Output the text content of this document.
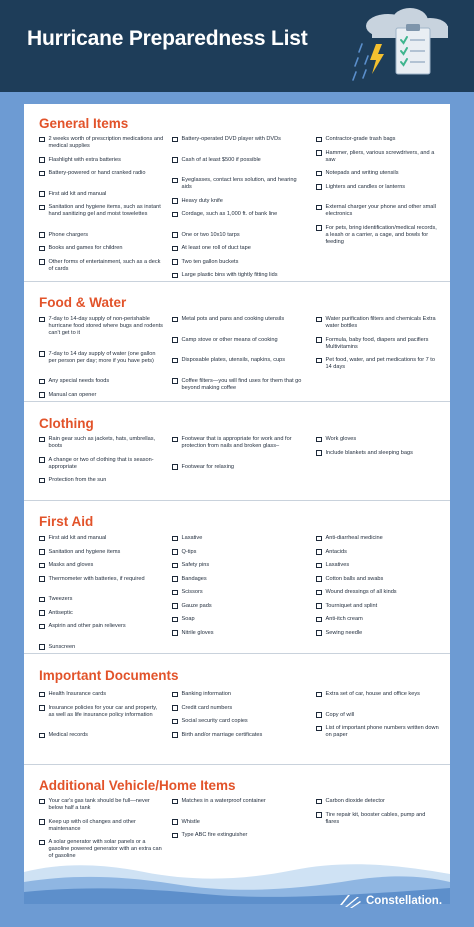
Hurricane Preparedness List
General Items
2 weeks worth of prescription medications and medical supplies
Flashlight with extra batteries
Battery-powered or hand cranked radio
First aid kit and manual
Sanitation and hygiene items, such as instant hand sanitizing gel and moist towelettes
Phone chargers
Books and games for children
Other forms of entertainment, such as a deck of cards
Battery-operated DVD player with DVDs
Cash of at least $500 if possible
Eyeglasses, contact lens solution, and hearing aids
Heavy duty knife
Cordage, such as 1,000 ft. of bank line
One or two 10x10 tarps
At least one roll of duct tape
Two ten gallon buckets
Large plastic bins with tightly fitting lids
Contractor-grade trash bags
Hammer, pliers, various screwdrivers, and a saw
Notepads and writing utensils
Lighters and candles or lanterns
External charger your phone and other small electronics
For pets, bring identification/medical records, a leash or a carrier, a cage, and bowls for feeding
Food & Water
7-day to 14-day supply of non-perishable hurricane food stored where bugs and rodents can't get to it
7-day to 14 day supply of water (one gallon per person per day; more if you have pets)
Any special needs foods
Manual can opener
Metal pots and pans and cooking utensils
Camp stove or other means of cooking
Disposable plates, utensils, napkins, cups
Coffee filters—you will find uses for them that go beyond making coffee
Water purification filters and chemicals Extra water bottles
Formula, baby food, diapers and pacifiers Multivitamins
Pet food, water, and pet medications for 7 to 14 days
Clothing
Rain gear such as jackets, hats, umbrellas, boots
A change or two of clothing that is season-appropriate
Protection from the sun
Footwear that is appropriate for work and for protection from nails and broken glass–
Footwear for relaxing
Work gloves
Include blankets and sleeping bags
First Aid
First aid kit and manual
Sanitation and hygiene items
Masks and gloves
Thermometer with batteries, if required
Tweezers
Antiseptic
Aspirin and other pain relievers
Sunscreen
Laxative
Q-tips
Safety pins
Bandages
Scissors
Gauze pads
Soap
Nitrile gloves
Anti-diarrheal medicine
Antacids
Laxatives
Cotton balls and swabs
Wound dressings of all kinds
Tourniquet and splint
Anti-itch cream
Sewing needle
Important Documents
Health Insurance cards
Insurance policies for your car and property, as well as life insurance policy information
Medical records
Banking information
Credit card numbers
Social security card copies
Birth and/or marriage certificates
Extra set of car, house and office keys
Copy of will
List of important phone numbers written down on paper
Additional Vehicle/Home Items
Your car's gas tank should be full—never below half a tank
Keep up with oil changes and other maintenance
A solar generator with solar panels or a gasoline powered generator with an extra can of gasoline
Matches in a waterproof container
Whistle
Type ABC fire extinguisher
Carbon dioxide detector
Tire repair kit, booster cables, pump and flares
Constellation.
